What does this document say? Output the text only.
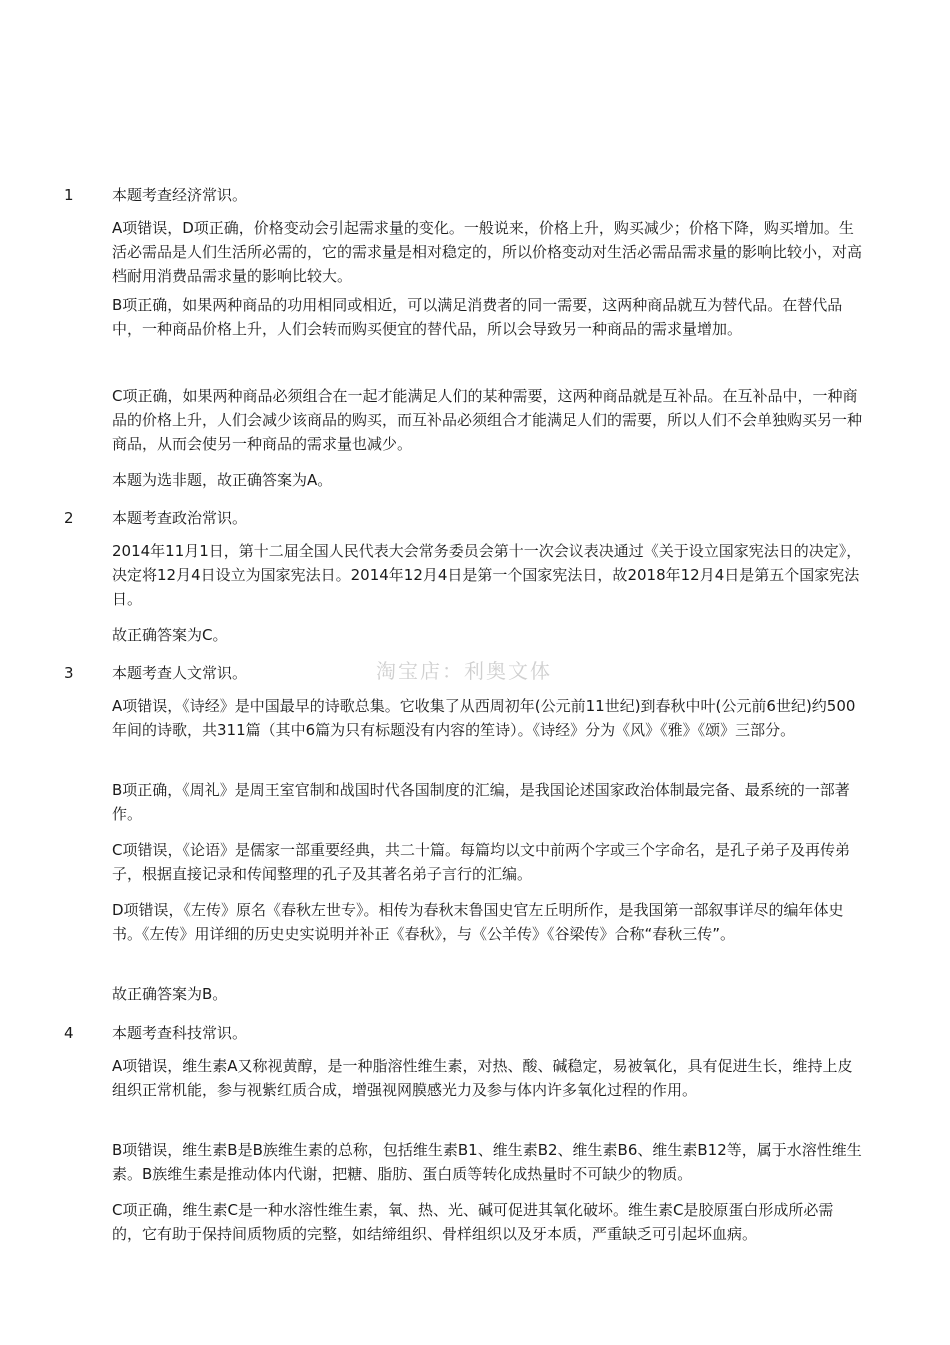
淘宝店：利奥文体
1	本题考查经济常识。

A项错误，D项正确，价格变动会引起需求量的变化。一般说来，价格上升，购买减少；价格下降，购买增加。生活必需品是人们生活所必需的，它的需求量是相对稳定的，所以价格变动对生活必需品需求量的影响比较小，对高档耐用消费品需求量的影响比较大。

B项正确，如果两种商品的功用相同或相近，可以满足消费者的同一需要，这两种商品就互为替代品。在替代品中，一种商品价格上升，人们会转而购买便宜的替代品，所以会导致另一种商品的需求量增加。

C项正确，如果两种商品必须组合在一起才能满足人们的某种需要，这两种商品就是互补品。在互补品中，一种商品的价格上升，人们会减少该商品的购买，而互补品必须组合才能满足人们的需要，所以人们不会单独购买另一种商品，从而会使另一种商品的需求量也减少。

本题为选非题，故正确答案为A。

2	本题考查政治常识。

2014年11月1日，第十二届全国人民代表大会常务委员会第十一次会议表决通过《关于设立国家宪法日的决定》，决定将12月4日设立为国家宪法日。2014年12月4日是第一个国家宪法日，故2018年12月4日是第五个国家宪法日。

故正确答案为C。

3	本题考查人文常识。

A项错误，《诗经》是中国最早的诗歌总集。它收集了从西周初年(公元前11世纪)到春秋中叶(公元前6世纪)约500年间的诗歌，共311篇（其中6篇为只有标题没有内容的笙诗）。《诗经》分为《风》《雅》《颂》三部分。

B项正确，《周礼》是周王室官制和战国时代各国制度的汇编，是我国论述国家政治体制最完备、最系统的一部著作。

C项错误，《论语》是儒家一部重要经典，共二十篇。每篇均以文中前两个字或三个字命名，是孔子弟子及再传弟子，根据直接记录和传闻整理的孔子及其著名弟子言行的汇编。

D项错误，《左传》原名《春秋左世专》。相传为春秋末鲁国史官左丘明所作，是我国第一部叙事详尽的编年体史书。《左传》用详细的历史史实说明并补正《春秋》，与《公羊传》《谷梁传》合称“春秋三传”。

故正确答案为B。

4	本题考查科技常识。

A项错误，维生素A又称视黄醇，是一种脂溶性维生素，对热、酸、碱稳定，易被氧化，具有促进生长，维持上皮组织正常机能，参与视紫红质合成，增强视网膜感光力及参与体内许多氧化过程的作用。

B项错误，维生素B是B族维生素的总称，包括维生素B1、维生素B2、维生素B6、维生素B12等，属于水溶性维生素。B族维生素是推动体内代谢，把糖、脂肪、蛋白质等转化成热量时不可缺少的物质。

C项正确，维生素C是一种水溶性维生素，氧、热、光、碱可促进其氧化破坏。维生素C是胶原蛋白形成所必需的，它有助于保持间质物质的完整，如结缔组织、骨样组织以及牙本质，严重缺乏可引起坏血病。
